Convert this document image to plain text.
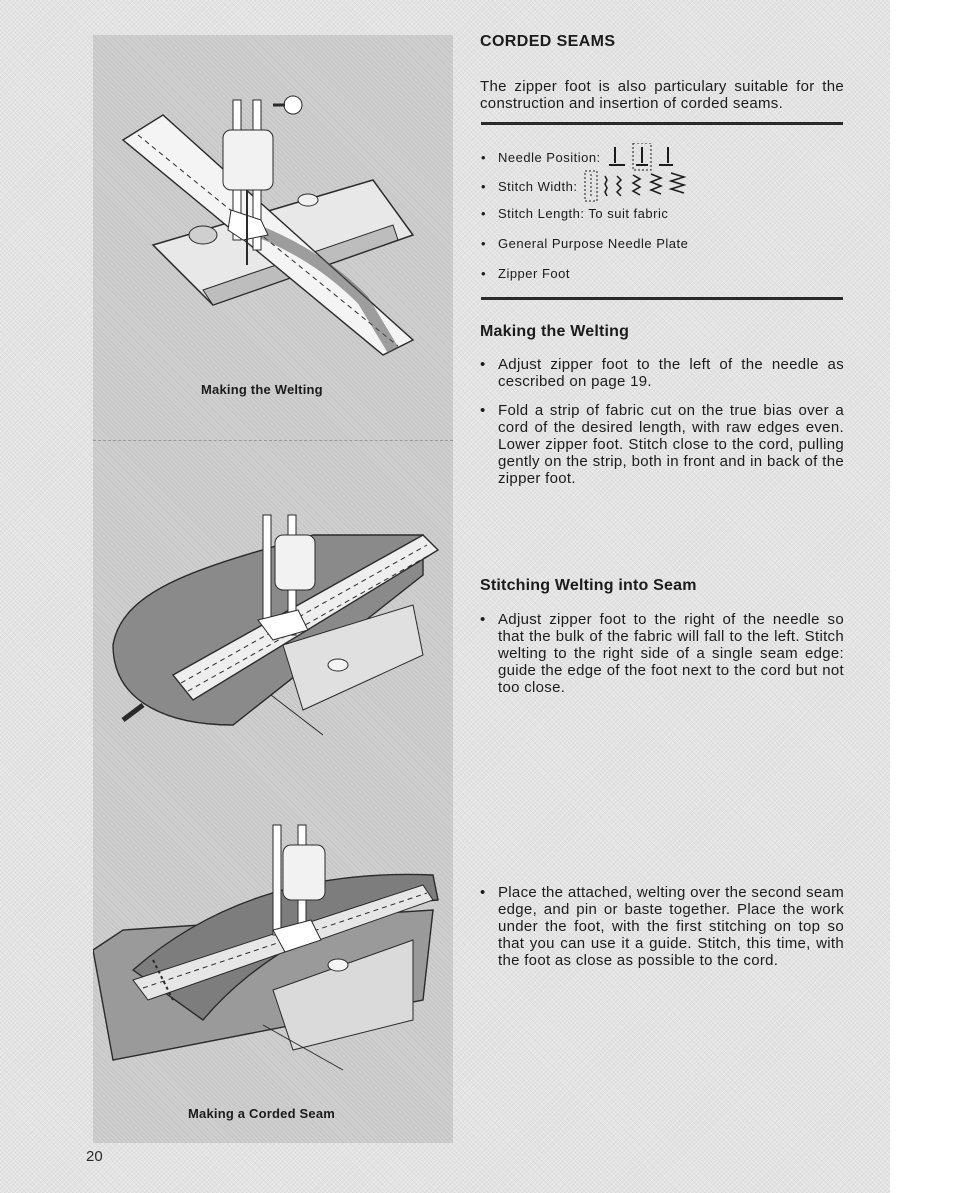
Making the Welting
Making a Corded Seam
20
CORDED SEAMS
The zipper foot is also particulary suitable for the construction and insertion of corded seams.
• Needle Position:
• Stitch Width:
• Stitch Length: To suit fabric
• General Purpose Needle Plate
• Zipper Foot
Making the Welting
• Adjust zipper foot to the left of the needle as cescribed on page 19.
• Fold a strip of fabric cut on the true bias over a cord of the desired length, with raw edges even. Lower zipper foot. Stitch close to the cord, pulling gently on the strip, both in front and in back of the zipper foot.
Stitching Welting into Seam
• Adjust zipper foot to the right of the needle so that the bulk of the fabric will fall to the left. Stitch welting to the right side of a single seam edge: guide the edge of the foot next to the cord but not too close.
• Place the attached, welting over the second seam edge, and pin or baste together. Place the work under the foot, with the first stitching on top so that you can use it a guide. Stitch, this time, with the foot as close as possible to the cord.
